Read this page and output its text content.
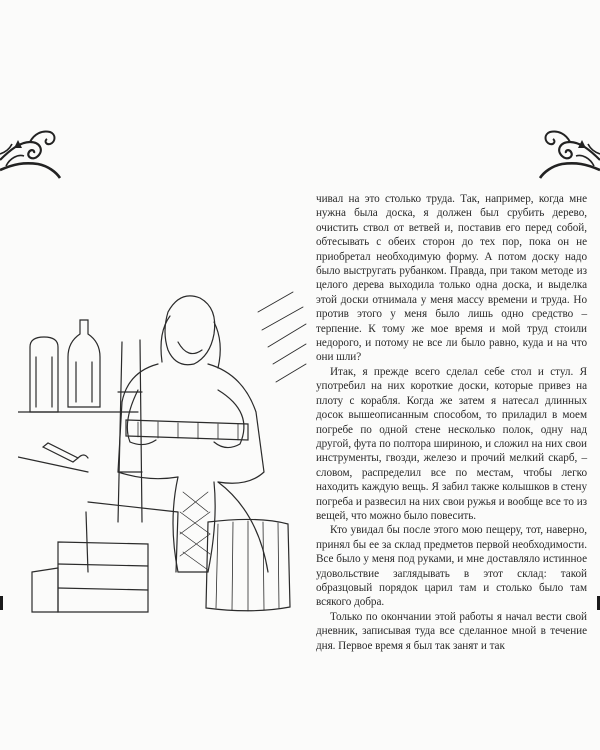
чивал на это столько труда. Так, например, когда мне нужна была доска, я должен был срубить дерево, очистить ствол от ветвей и, поставив его перед собой, обтесывать с обеих сторон до тех пор, пока он не приобретал необходимую форму. А потом доску надо было выстругать рубанком. Правда, при таком методе из целого дерева выходила только одна доска, и выделка этой доски отнимала у меня массу времени и труда. Но против этого у меня было лишь одно средство – терпение. К тому же мое время и мой труд стоили недорого, и потому не все ли было равно, куда и на что они шли?

Итак, я прежде всего сделал себе стол и стул. Я употребил на них короткие доски, которые привез на плоту с корабля. Когда же затем я натесал длинных досок вышеописанным способом, то приладил в моем погребе по одной стене несколько полок, одну над другой, фута по полтора шириною, и сложил на них свои инструменты, гвозди, железо и прочий мелкий скарб, – словом, распределил все по местам, чтобы легко находить каждую вещь. Я забил также колышков в стену погреба и развесил на них свои ружья и вообще все то из вещей, что можно было повесить.

Кто увидал бы после этого мою пещеру, тот, наверно, принял бы ее за склад предметов первой необходимости. Все было у меня под руками, и мне доставляло истинное удовольствие заглядывать в этот склад: такой образцовый порядок царил там и столько было там всякого добра.

Только по окончании этой работы я начал вести свой дневник, записывая туда все сделанное мной в течение дня. Первое время я был так занят и так
